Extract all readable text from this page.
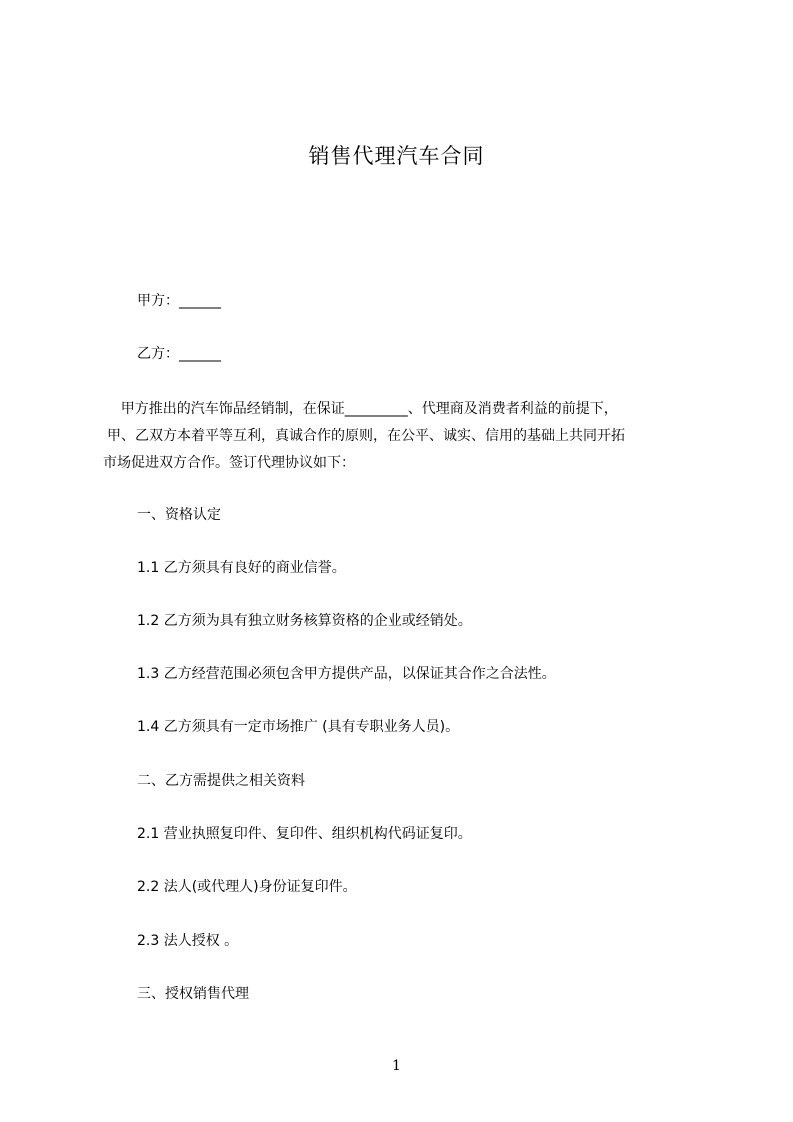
销售代理汽车合同
甲方：______
乙方：______
甲方推出的汽车饰品经销制，在保证_________、代理商及消费者利益的前提下，
甲、乙双方本着平等互利，真诚合作的原则，在公平、诚实、信用的基础上共同开拓
市场促进双方合作。签订代理协议如下：
一、资格认定
1.1 乙方须具有良好的商业信誉。
1.2 乙方须为具有独立财务核算资格的企业或经销处。
1.3 乙方经营范围必须包含甲方提供产品，以保证其合作之合法性。
1.4 乙方须具有一定市场推广 (具有专职业务人员)。
二、乙方需提供之相关资料
2.1 营业执照复印件、复印件、组织机构代码证复印。
2.2 法人(或代理人)身份证复印件。
2.3 法人授权 。
三、授权销售代理
1
